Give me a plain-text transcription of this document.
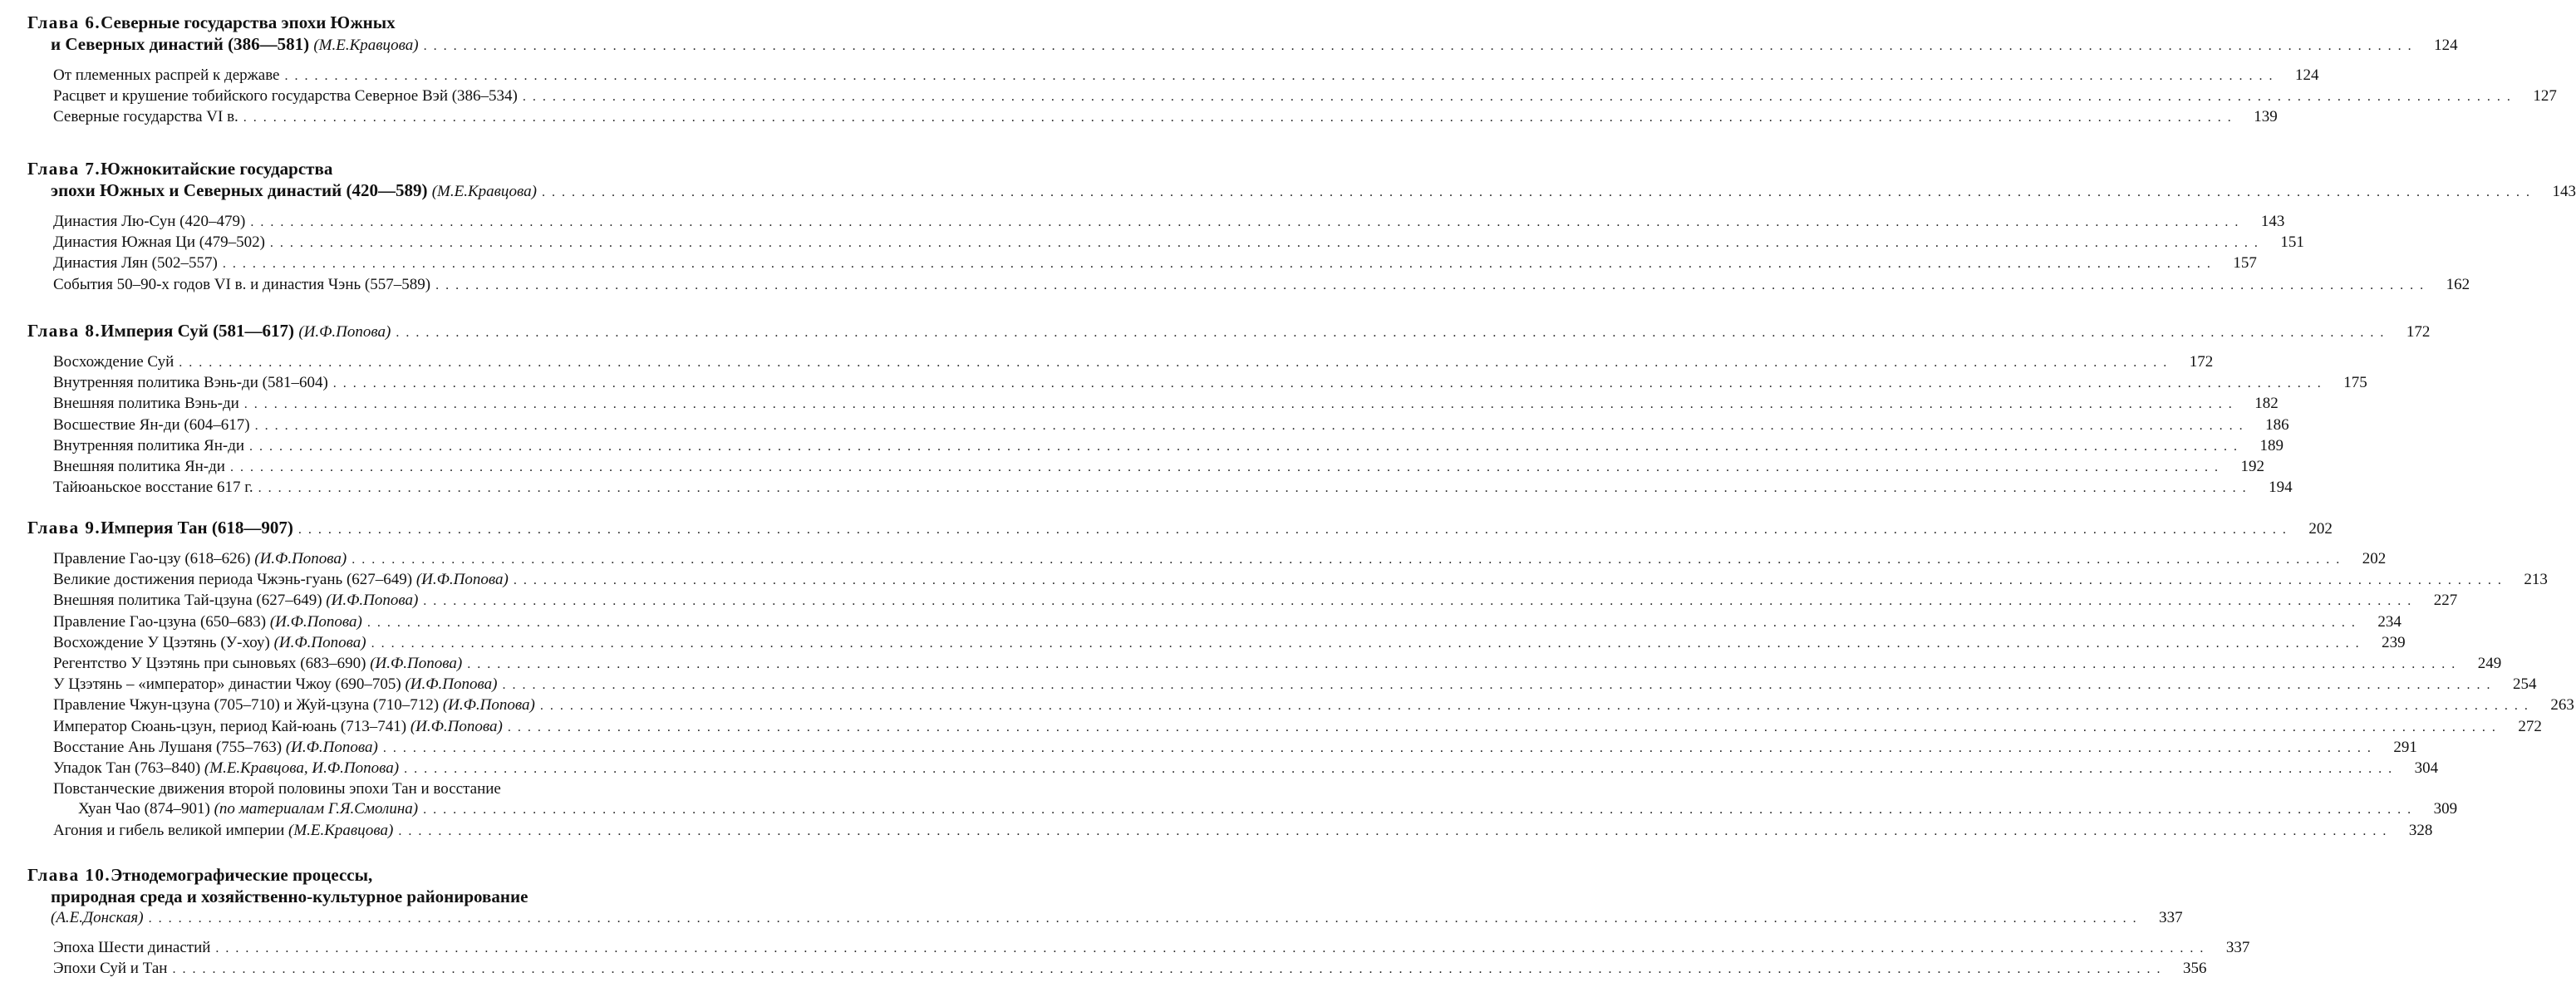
Глава 6. Северные государства эпохи Южных
и Северных династий (386—581)
(М.Е.Кравцова) . . . . . . . . . . . . . . . . . . . . . . . . . . . . . . . . . . . . . . . . . . . . . . . . . . . . . . . . . . . . . . . . . . . . . . . . . . . . . . . . . . . . . . . . . . . . . . . . . . . . . . . . . . . . . . . . . . . . . . . . . . . . . . . . . . . . . . . . . . . . . . . . . . . . . . . . . . . . . . . . . . . . . . . . . . . . . . . . . . . . . . . . . . . . . . . . . . . . . . . .	124
От племенных распрей к державе . . . . . . . . . . . . . . . . . . . . . . . . . . . . . . . . . . . . . . . . . . . . . . . . . . . . . . . . . . . . . . . . . . . . . . . . . . . . . . . . . . . . . . . . . . . . . . . . . . . . . . . . . . . . . . . . . . . . . . . . . . . . . . . . . . . . . . . . . . . . . . . . . . . . . . . . . . . . . . . . . . . . . . . . . . . . . . . . . . . . . . . . . . . . . . . . . . . . . . . .	124
Расцвет и крушение тобийского государства Северное Вэй (386–534) . . . . . . . . . . . . . . . . . . . . . . . . . . . . . . . . . . . . . . . . . . . . . . . . . . . . . . . . . . . . . . . . . . . . . . . . . . . . . . . . . . . . . . . . . . . . . . . . . . . . . . . . . . . . . . . . . . . . . . . . . . . . . . . . . . . . . . . . . . . . . . . . . . . . . . . . . . . . . . . . . . . . . . . . . . . . . . . . . . . . . . . . . . . . . . . . . . . . . . . .	127
Северные государства VI в. . . . . . . . . . . . . . . . . . . . . . . . . . . . . . . . . . . . . . . . . . . . . . . . . . . . . . . . . . . . . . . . . . . . . . . . . . . . . . . . . . . . . . . . . . . . . . . . . . . . . . . . . . . . . . . . . . . . . . . . . . . . . . . . . . . . . . . . . . . . . . . . . . . . . . . . . . . . . . . . . . . . . . . . . . . . . . . . . . . . . . . . . . . . . . . . . . . . . . . . .	139
Глава 7. Южнокитайские государства
эпохи Южных и Северных династий (420—589)
(М.Е.Кравцова) . . . . . . . . . . . . . . . . . . . . . . . . . . . . . . . . . . . . . . . . . . . . . . . . . . . . . . . . . . . . . . . . . . . . . . . . . . . . . . . . . . . . . . . . . . . . . . . . . . . . . . . . . . . . . . . . . . . . . . . . . . . . . . . . . . . . . . . . . . . . . . . . . . . . . . . . . . . . . . . . . . . . . . . . . . . . . . . . . . . . . . . . . . . . . . . . . . . . . . . .	143
Династия Лю-Сун (420–479) . . . . . . . . . . . . . . . . . . . . . . . . . . . . . . . . . . . . . . . . . . . . . . . . . . . . . . . . . . . . . . . . . . . . . . . . . . . . . . . . . . . . . . . . . . . . . . . . . . . . . . . . . . . . . . . . . . . . . . . . . . . . . . . . . . . . . . . . . . . . . . . . . . . . . . . . . . . . . . . . . . . . . . . . . . . . . . . . . . . . . . . . . . . . . . . . . . . . . . . .	143
Династия Южная Ци (479–502) . . . . . . . . . . . . . . . . . . . . . . . . . . . . . . . . . . . . . . . . . . . . . . . . . . . . . . . . . . . . . . . . . . . . . . . . . . . . . . . . . . . . . . . . . . . . . . . . . . . . . . . . . . . . . . . . . . . . . . . . . . . . . . . . . . . . . . . . . . . . . . . . . . . . . . . . . . . . . . . . . . . . . . . . . . . . . . . . . . . . . . . . . . . . . . . . . . . . . . . .	151
Династия Лян (502–557) . . . . . . . . . . . . . . . . . . . . . . . . . . . . . . . . . . . . . . . . . . . . . . . . . . . . . . . . . . . . . . . . . . . . . . . . . . . . . . . . . . . . . . . . . . . . . . . . . . . . . . . . . . . . . . . . . . . . . . . . . . . . . . . . . . . . . . . . . . . . . . . . . . . . . . . . . . . . . . . . . . . . . . . . . . . . . . . . . . . . . . . . . . . . . . . . . . . . . . . .	157
События 50–90-х годов VI в. и династия Чэнь (557–589) . . . . . . . . . . . . . . . . . . . . . . . . . . . . . . . . . . . . . . . . . . . . . . . . . . . . . . . . . . . . . . . . . . . . . . . . . . . . . . . . . . . . . . . . . . . . . . . . . . . . . . . . . . . . . . . . . . . . . . . . . . . . . . . . . . . . . . . . . . . . . . . . . . . . . . . . . . . . . . . . . . . . . . . . . . . . . . . . . . . . . . . . . . . . . . . . . . . . . . . .	162
Глава 8. Империя Суй (581—617)
(И.Ф.Попова) . . . . . . . . . . . . . . . . . . . . . . . . . . . . . . . . . . . . . . . . . . . . . . . . . . . . . . . . . . . . . . . . . . . . . . . . . . . . . . . . . . . . . . . . . . . . . . . . . . . . . . . . . . . . . . . . . . . . . . . . . . . . . . . . . . . . . . . . . . . . . . . . . . . . . . . . . . . . . . . . . . . . . . . . . . . . . . . . . . . . . . . . . . . . . . . . . . . . . . . .	172
Восхождение Суй . . . . . . . . . . . . . . . . . . . . . . . . . . . . . . . . . . . . . . . . . . . . . . . . . . . . . . . . . . . . . . . . . . . . . . . . . . . . . . . . . . . . . . . . . . . . . . . . . . . . . . . . . . . . . . . . . . . . . . . . . . . . . . . . . . . . . . . . . . . . . . . . . . . . . . . . . . . . . . . . . . . . . . . . . . . . . . . . . . . . . . . . . . . . . . . . . . . . . . . .	172
Внутренняя политика Вэнь-ди (581–604) . . . . . . . . . . . . . . . . . . . . . . . . . . . . . . . . . . . . . . . . . . . . . . . . . . . . . . . . . . . . . . . . . . . . . . . . . . . . . . . . . . . . . . . . . . . . . . . . . . . . . . . . . . . . . . . . . . . . . . . . . . . . . . . . . . . . . . . . . . . . . . . . . . . . . . . . . . . . . . . . . . . . . . . . . . . . . . . . . . . . . . . . . . . . . . . . . . . . . . . .	175
Внешняя политика Вэнь-ди . . . . . . . . . . . . . . . . . . . . . . . . . . . . . . . . . . . . . . . . . . . . . . . . . . . . . . . . . . . . . . . . . . . . . . . . . . . . . . . . . . . . . . . . . . . . . . . . . . . . . . . . . . . . . . . . . . . . . . . . . . . . . . . . . . . . . . . . . . . . . . . . . . . . . . . . . . . . . . . . . . . . . . . . . . . . . . . . . . . . . . . . . . . . . . . . . . . . . . . .	182
Восшествие Ян-ди (604–617) . . . . . . . . . . . . . . . . . . . . . . . . . . . . . . . . . . . . . . . . . . . . . . . . . . . . . . . . . . . . . . . . . . . . . . . . . . . . . . . . . . . . . . . . . . . . . . . . . . . . . . . . . . . . . . . . . . . . . . . . . . . . . . . . . . . . . . . . . . . . . . . . . . . . . . . . . . . . . . . . . . . . . . . . . . . . . . . . . . . . . . . . . . . . . . . . . . . . . . . .	186
Внутренняя политика Ян-ди . . . . . . . . . . . . . . . . . . . . . . . . . . . . . . . . . . . . . . . . . . . . . . . . . . . . . . . . . . . . . . . . . . . . . . . . . . . . . . . . . . . . . . . . . . . . . . . . . . . . . . . . . . . . . . . . . . . . . . . . . . . . . . . . . . . . . . . . . . . . . . . . . . . . . . . . . . . . . . . . . . . . . . . . . . . . . . . . . . . . . . . . . . . . . . . . . . . . . . . .	189
Внешняя политика Ян-ди . . . . . . . . . . . . . . . . . . . . . . . . . . . . . . . . . . . . . . . . . . . . . . . . . . . . . . . . . . . . . . . . . . . . . . . . . . . . . . . . . . . . . . . . . . . . . . . . . . . . . . . . . . . . . . . . . . . . . . . . . . . . . . . . . . . . . . . . . . . . . . . . . . . . . . . . . . . . . . . . . . . . . . . . . . . . . . . . . . . . . . . . . . . . . . . . . . . . . . . .	192
Тайюаньское восстание 617 г. . . . . . . . . . . . . . . . . . . . . . . . . . . . . . . . . . . . . . . . . . . . . . . . . . . . . . . . . . . . . . . . . . . . . . . . . . . . . . . . . . . . . . . . . . . . . . . . . . . . . . . . . . . . . . . . . . . . . . . . . . . . . . . . . . . . . . . . . . . . . . . . . . . . . . . . . . . . . . . . . . . . . . . . . . . . . . . . . . . . . . . . . . . . . . . . . . . . . . . . .	194
Глава 9. Империя Тан (618—907) . . . . . . . . . . . . . . . . . . . . . . . . . . . . . . . . . . . . . . . . . . . . . . . . . . . . . . . . . . . . . . . . . . . . . . . . . . . . . . . . . . . . . . . . . . . . . . . . . . . . . . . . . . . . . . . . . . . . . . . . . . . . . . . . . . . . . . . . . . . . . . . . . . . . . . . . . . . . . . . . . . . . . . . . . . . . . . . . . . . . . . . . . . . . . . . . . . . . . . . .	202
Правление Гао-цзу (618–626)
(И.Ф.Попова) . . . . . . . . . . . . . . . . . . . . . . . . . . . . . . . . . . . . . . . . . . . . . . . . . . . . . . . . . . . . . . . . . . . . . . . . . . . . . . . . . . . . . . . . . . . . . . . . . . . . . . . . . . . . . . . . . . . . . . . . . . . . . . . . . . . . . . . . . . . . . . . . . . . . . . . . . . . . . . . . . . . . . . . . . . . . . . . . . . . . . . . . . . . . . . . . . . . . . . . .	202
Великие достижения периода Чжэнь-гуань (627–649)
(И.Ф.Попова) . . . . . . . . . . . . . . . . . . . . . . . . . . . . . . . . . . . . . . . . . . . . . . . . . . . . . . . . . . . . . . . . . . . . . . . . . . . . . . . . . . . . . . . . . . . . . . . . . . . . . . . . . . . . . . . . . . . . . . . . . . . . . . . . . . . . . . . . . . . . . . . . . . . . . . . . . . . . . . . . . . . . . . . . . . . . . . . . . . . . . . . . . . . . . . . . . . . . . . . .	213
Внешняя политика Тай-цзуна (627–649)
(И.Ф.Попова) . . . . . . . . . . . . . . . . . . . . . . . . . . . . . . . . . . . . . . . . . . . . . . . . . . . . . . . . . . . . . . . . . . . . . . . . . . . . . . . . . . . . . . . . . . . . . . . . . . . . . . . . . . . . . . . . . . . . . . . . . . . . . . . . . . . . . . . . . . . . . . . . . . . . . . . . . . . . . . . . . . . . . . . . . . . . . . . . . . . . . . . . . . . . . . . . . . . . . . . .	227
Правление Гао-цзуна (650–683)
(И.Ф.Попова) . . . . . . . . . . . . . . . . . . . . . . . . . . . . . . . . . . . . . . . . . . . . . . . . . . . . . . . . . . . . . . . . . . . . . . . . . . . . . . . . . . . . . . . . . . . . . . . . . . . . . . . . . . . . . . . . . . . . . . . . . . . . . . . . . . . . . . . . . . . . . . . . . . . . . . . . . . . . . . . . . . . . . . . . . . . . . . . . . . . . . . . . . . . . . . . . . . . . . . . .	234
Восхождение У Цзэтянь (У-хоу)
(И.Ф.Попова) . . . . . . . . . . . . . . . . . . . . . . . . . . . . . . . . . . . . . . . . . . . . . . . . . . . . . . . . . . . . . . . . . . . . . . . . . . . . . . . . . . . . . . . . . . . . . . . . . . . . . . . . . . . . . . . . . . . . . . . . . . . . . . . . . . . . . . . . . . . . . . . . . . . . . . . . . . . . . . . . . . . . . . . . . . . . . . . . . . . . . . . . . . . . . . . . . . . . . . . .	239
Регентство У Цзэтянь при сыновьях (683–690)
(И.Ф.Попова) . . . . . . . . . . . . . . . . . . . . . . . . . . . . . . . . . . . . . . . . . . . . . . . . . . . . . . . . . . . . . . . . . . . . . . . . . . . . . . . . . . . . . . . . . . . . . . . . . . . . . . . . . . . . . . . . . . . . . . . . . . . . . . . . . . . . . . . . . . . . . . . . . . . . . . . . . . . . . . . . . . . . . . . . . . . . . . . . . . . . . . . . . . . . . . . . . . . . . . . .	249
У Цзэтянь – «император» династии Чжоу (690–705)
(И.Ф.Попова) . . . . . . . . . . . . . . . . . . . . . . . . . . . . . . . . . . . . . . . . . . . . . . . . . . . . . . . . . . . . . . . . . . . . . . . . . . . . . . . . . . . . . . . . . . . . . . . . . . . . . . . . . . . . . . . . . . . . . . . . . . . . . . . . . . . . . . . . . . . . . . . . . . . . . . . . . . . . . . . . . . . . . . . . . . . . . . . . . . . . . . . . . . . . . . . . . . . . . . . .	254
Правление Чжун-цзуна (705–710) и Жуй-цзуна (710–712)
(И.Ф.Попова) . . . . . . . . . . . . . . . . . . . . . . . . . . . . . . . . . . . . . . . . . . . . . . . . . . . . . . . . . . . . . . . . . . . . . . . . . . . . . . . . . . . . . . . . . . . . . . . . . . . . . . . . . . . . . . . . . . . . . . . . . . . . . . . . . . . . . . . . . . . . . . . . . . . . . . . . . . . . . . . . . . . . . . . . . . . . . . . . . . . . . . . . . . . . . . . . . . . . . . . .	263
Император Сюань-цзун, период Кай-юань (713–741)
(И.Ф.Попова) . . . . . . . . . . . . . . . . . . . . . . . . . . . . . . . . . . . . . . . . . . . . . . . . . . . . . . . . . . . . . . . . . . . . . . . . . . . . . . . . . . . . . . . . . . . . . . . . . . . . . . . . . . . . . . . . . . . . . . . . . . . . . . . . . . . . . . . . . . . . . . . . . . . . . . . . . . . . . . . . . . . . . . . . . . . . . . . . . . . . . . . . . . . . . . . . . . . . . . . .	272
Восстание Ань Лушаня (755–763)
(И.Ф.Попова) . . . . . . . . . . . . . . . . . . . . . . . . . . . . . . . . . . . . . . . . . . . . . . . . . . . . . . . . . . . . . . . . . . . . . . . . . . . . . . . . . . . . . . . . . . . . . . . . . . . . . . . . . . . . . . . . . . . . . . . . . . . . . . . . . . . . . . . . . . . . . . . . . . . . . . . . . . . . . . . . . . . . . . . . . . . . . . . . . . . . . . . . . . . . . . . . . . . . . . . .	291
Упадок Тан (763–840)
(М.Е.Кравцова, И.Ф.Попова) . . . . . . . . . . . . . . . . . . . . . . . . . . . . . . . . . . . . . . . . . . . . . . . . . . . . . . . . . . . . . . . . . . . . . . . . . . . . . . . . . . . . . . . . . . . . . . . . . . . . . . . . . . . . . . . . . . . . . . . . . . . . . . . . . . . . . . . . . . . . . . . . . . . . . . . . . . . . . . . . . . . . . . . . . . . . . . . . . . . . . . . . . . . . . . . . . . . . . . . .	304
Повстанческие движения второй половины эпохи Тан и восстание
Хуан Чао (874–901)
(по материалам Г.Я.Смолина) . . . . . . . . . . . . . . . . . . . . . . . . . . . . . . . . . . . . . . . . . . . . . . . . . . . . . . . . . . . . . . . . . . . . . . . . . . . . . . . . . . . . . . . . . . . . . . . . . . . . . . . . . . . . . . . . . . . . . . . . . . . . . . . . . . . . . . . . . . . . . . . . . . . . . . . . . . . . . . . . . . . . . . . . . . . . . . . . . . . . . . . . . . . . . . . . . . . . . . . .	309
Агония и гибель великой империи
(М.Е.Кравцова) . . . . . . . . . . . . . . . . . . . . . . . . . . . . . . . . . . . . . . . . . . . . . . . . . . . . . . . . . . . . . . . . . . . . . . . . . . . . . . . . . . . . . . . . . . . . . . . . . . . . . . . . . . . . . . . . . . . . . . . . . . . . . . . . . . . . . . . . . . . . . . . . . . . . . . . . . . . . . . . . . . . . . . . . . . . . . . . . . . . . . . . . . . . . . . . . . . . . . . . .	328
Глава 10. Этнодемографические процессы,
природная среда и хозяйственно-культурное районирование
(А.Е.Донская) . . . . . . . . . . . . . . . . . . . . . . . . . . . . . . . . . . . . . . . . . . . . . . . . . . . . . . . . . . . . . . . . . . . . . . . . . . . . . . . . . . . . . . . . . . . . . . . . . . . . . . . . . . . . . . . . . . . . . . . . . . . . . . . . . . . . . . . . . . . . . . . . . . . . . . . . . . . . . . . . . . . . . . . . . . . . . . . . . . . . . . . . . . . . . . . . . . . . . . . .	337
Эпоха Шести династий . . . . . . . . . . . . . . . . . . . . . . . . . . . . . . . . . . . . . . . . . . . . . . . . . . . . . . . . . . . . . . . . . . . . . . . . . . . . . . . . . . . . . . . . . . . . . . . . . . . . . . . . . . . . . . . . . . . . . . . . . . . . . . . . . . . . . . . . . . . . . . . . . . . . . . . . . . . . . . . . . . . . . . . . . . . . . . . . . . . . . . . . . . . . . . . . . . . . . . . .	337
Эпохи Суй и Тан . . . . . . . . . . . . . . . . . . . . . . . . . . . . . . . . . . . . . . . . . . . . . . . . . . . . . . . . . . . . . . . . . . . . . . . . . . . . . . . . . . . . . . . . . . . . . . . . . . . . . . . . . . . . . . . . . . . . . . . . . . . . . . . . . . . . . . . . . . . . . . . . . . . . . . . . . . . . . . . . . . . . . . . . . . . . . . . . . . . . . . . . . . . . . . . . . . . . . . . .	356
